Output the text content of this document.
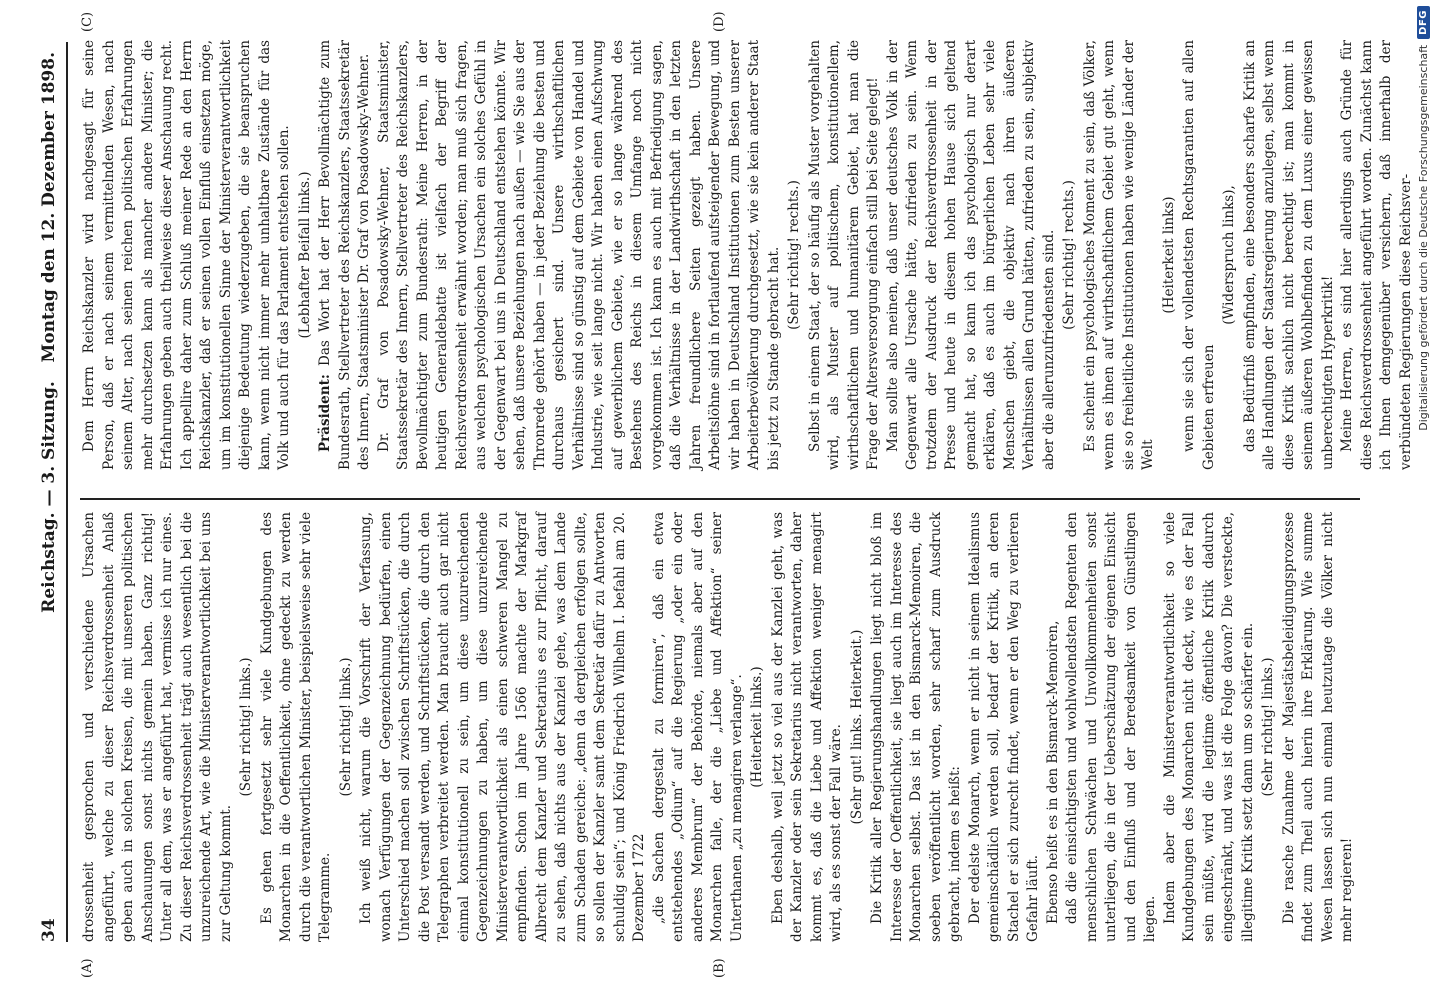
34
Reichstag. — 3. Sitzung.
Montag den 12. Dezember 1898.

drossenheit gesprochen und verschiedene Ursachen angeführt, welche zu dieser Reichsverdrossenheit Anlaß geben auch in solchen Kreisen, die mit unseren politischen Anschauungen sonst nichts gemein haben. Ganz richtig! Unter all dem, was er angeführt hat, vermisse ich nur eines. Zu dieser Reichsverdrossenheit trägt auch wesentlich bei die unzureichende Art, wie die Ministerverantwortlichkeit bei uns zur Geltung kommt.

(Sehr richtig! links.) Es gehen fortgesetzt sehr viele Kundgebungen des Monarchen in die Oeffentlichkeit, ohne gedeckt zu werden durch die verantwortlichen Minister, beispielsweise sehr viele Telegramme.

(Sehr richtig! links.) Ich weiß nicht, warum die Vorschrift der Verfassung, wonach Verfügungen der Gegenzeichnung bedürfen, einen Unterschied machen soll zwischen Schriftstücken, die durch die Post versandt werden, und Schriftstücken, die durch den Telegraphen verbreitet werden. Man braucht auch gar nicht einmal konstitutionell zu sein, um diese unzureichenden Gegenzeichnungen zu haben, um diese unzureichende Ministerverantwortlichkeit als einen schweren Mangel zu empfinden. Schon im Jahre 1566 machte der Markgraf Albrecht dem Kanzler und Sekretarius es zur Pflicht, darauf zu sehen, daß nichts aus der Kanzlei gehe, was dem Lande zum Schaden gereiche: „denn da dergleichen erfolgen sollte, so sollen der Kanzler samt dem Sekretär dafür zu Antworten schuldig sein“; und König Friedrich Wilhelm I. befahl am 20. Dezember 1722 „die Sachen dergestalt zu formiren“, daß ein etwa entstehendes „Odium“ auf die Regierung „oder ein oder anderes Membrum“ der Behörde, niemals aber auf den Monarchen falle, der die „Liebe und Affektion“ seiner Unterthanen „zu menagiren verlange“. (Heiterkeit links.) Eben deshalb, weil jetzt so viel aus der Kanzlei geht, was der Kanzler oder sein Sekretarius nicht verantworten, daher kommt es, daß die Liebe und Affektion weniger menagirt wird, als es sonst der Fall wäre. (Sehr gut! links. Heiterkeit.) Die Kritik aller Regierungshandlungen liegt nicht bloß im Interesse der Oeffentlichkeit, sie liegt auch im Interesse des Monarchen selbst. Das ist in den Bismarck-Memoiren, die soeben veröffentlicht worden, sehr scharf zum Ausdruck gebracht, indem es heißt: Der edelste Monarch, wenn er nicht in seinem Idealismus gemeinschädlich werden soll, bedarf der Kritik, an deren Stachel er sich zurecht findet, wenn er den Weg zu verlieren Gefahr läuft. Ebenso heißt es in den Bismarck-Memoiren, daß die einsichtigsten und wohlwollendsten Regenten den menschlichen Schwächen und Unvollkommenheiten sonst unterliegen, die in der Ueberschätzung der eigenen Einsicht und den Einfluß und der Beredsamkeit von Günstlingen liegen. Indem aber die Ministerverantwortlichkeit so viele Kundgebungen des Monarchen nicht deckt, wie es der Fall sein müßte, wird die legitime öffentliche Kritik dadurch eingeschränkt, und was ist die Folge davon? Die versteckte, illegitime Kritik setzt dann um so schärfer ein. (Sehr richtig! links.) Die rasche Zunahme der Majestätsbeleidigungsprozesse findet zum Theil auch hierin ihre Erklärung. Wie summe Wesen lassen sich nun einmal heutzutage die Völker nicht mehr regieren!

Dem Herrn Reichskanzler wird nachgesagt für seine Person, daß er nach seinem vermittelnden Wesen, nach seinem Alter, nach seinen reichen politischen Erfahrungen mehr durchsetzen kann als mancher andere Minister; die Erfahrungen geben auch theilweise dieser Anschauung recht. Ich appellire daher zum Schluß meiner Rede an den Herrn Reichskanzler, daß er seinen vollen Einfluß einsetzen möge, um im konstitutionellen Sinne der Ministerverantwortlichkeit diejenige Bedeutung wiederzugeben, die sie beanspruchen kann, wenn nicht immer mehr unhaltbare Zustände für das Volk und auch für das Parlament entstehen sollen. (Lebhafter Beifall links.)

Präsident: Das Wort hat der Herr Bevollmächtigte zum Bundesrath, Stellvertreter des Reichskanzlers, Staatssekretär des Innern, Staatsminister Dr. Graf von Posadowsky-Wehner. Dr. Graf von Posadowsky-Wehner, Staatsminister, Staatssekretär des Innern, Stellvertreter des Reichskanzlers, Bevollmächtigter zum Bundesrath: Meine Herren, in der heutigen Generaldebatte ist vielfach der Begriff der Reichsverdrossenheit erwähnt worden; man muß sich fragen, aus welchen psychologischen Ursachen ein solches Gefühl in der Gegenwart bei uns in Deutschland entstehen könnte. Wir sehen, daß unsere Beziehungen nach außen — wie Sie aus der Thronrede gehört haben — in jeder Beziehung die besten und durchaus gesichert sind. Unsere wirthschaftlichen Verhältnisse sind so günstig auf dem Gebiete von Handel und Industrie, wie seit lange nicht. Wir haben einen Aufschwung auf gewerblichem Gebiete, wie er so lange während des Bestehens des Reichs in diesem Umfange noch nicht vorgekommen ist. Ich kann es auch mit Befriedigung sagen, daß die Verhältnisse in der Landwirthschaft in den letzten Jahren freundlichere Seiten gezeigt haben. Unsere Arbeitslöhne sind in fortlaufend aufsteigender Bewegung, und wir haben in Deutschland Institutionen zum Besten unserer Arbeiterbevölkerung durchgesetzt, wie sie kein anderer Staat bis jetzt zu Stande gebracht hat. (Sehr richtig! rechts.) Selbst in einem Staat, der so häufig als Muster vorgehalten wird, als Muster auf politischem, konstitutionellem, wirthschaftlichem und humanitärem Gebiet, hat man die Frage der Altersversorgung einfach still bei Seite gelegt! Man sollte also meinen, daß unser deutsches Volk in der Gegenwart alle Ursache hätte, zufrieden zu sein. Wenn trotzdem der Ausdruck der Reichsverdrossenheit in der Presse und heute in diesem hohen Hause sich geltend gemacht hat, so kann ich das psychologisch nur derart erklären, daß es auch im bürgerlichen Leben sehr viele Menschen giebt, die objektiv nach ihren äußeren Verhältnissen allen Grund hätten, zufrieden zu sein, subjektiv aber die allerunzufriedensten sind. (Sehr richtig! rechts.) Es scheint ein psychologisches Moment zu sein, daß Völker, wenn es ihnen auf wirthschaftlichem Gebiet gut geht, wenn sie so freiheitliche Institutionen haben wie wenige Länder der Welt

(Heiterkeit links) wenn sie sich der vollendetsten Rechtsgarantien auf allen Gebieten erfreuen

(Widerspruch links), das Bedürfniß empfinden, eine besonders scharfe Kritik an alle Handlungen der Staatsregierung anzulegen, selbst wenn diese Kritik sachlich nicht berechtigt ist; man kommt in seinem äußeren Wohlbefinden zu dem Luxus einer gewissen unberechtigten Hyperkritik! Meine Herren, es sind hier allerdings auch Gründe für diese Reichsverdrossenheit angeführt worden. Zunächst kann ich Ihnen demgegenüber versichern, daß innerhalb der verbündeten Regierungen diese Reichsver-

(A)	(B)
(C)	(D)
Digitalisierung gefördert durch die Deutsche Forschungsgemeinschaft
DFG
